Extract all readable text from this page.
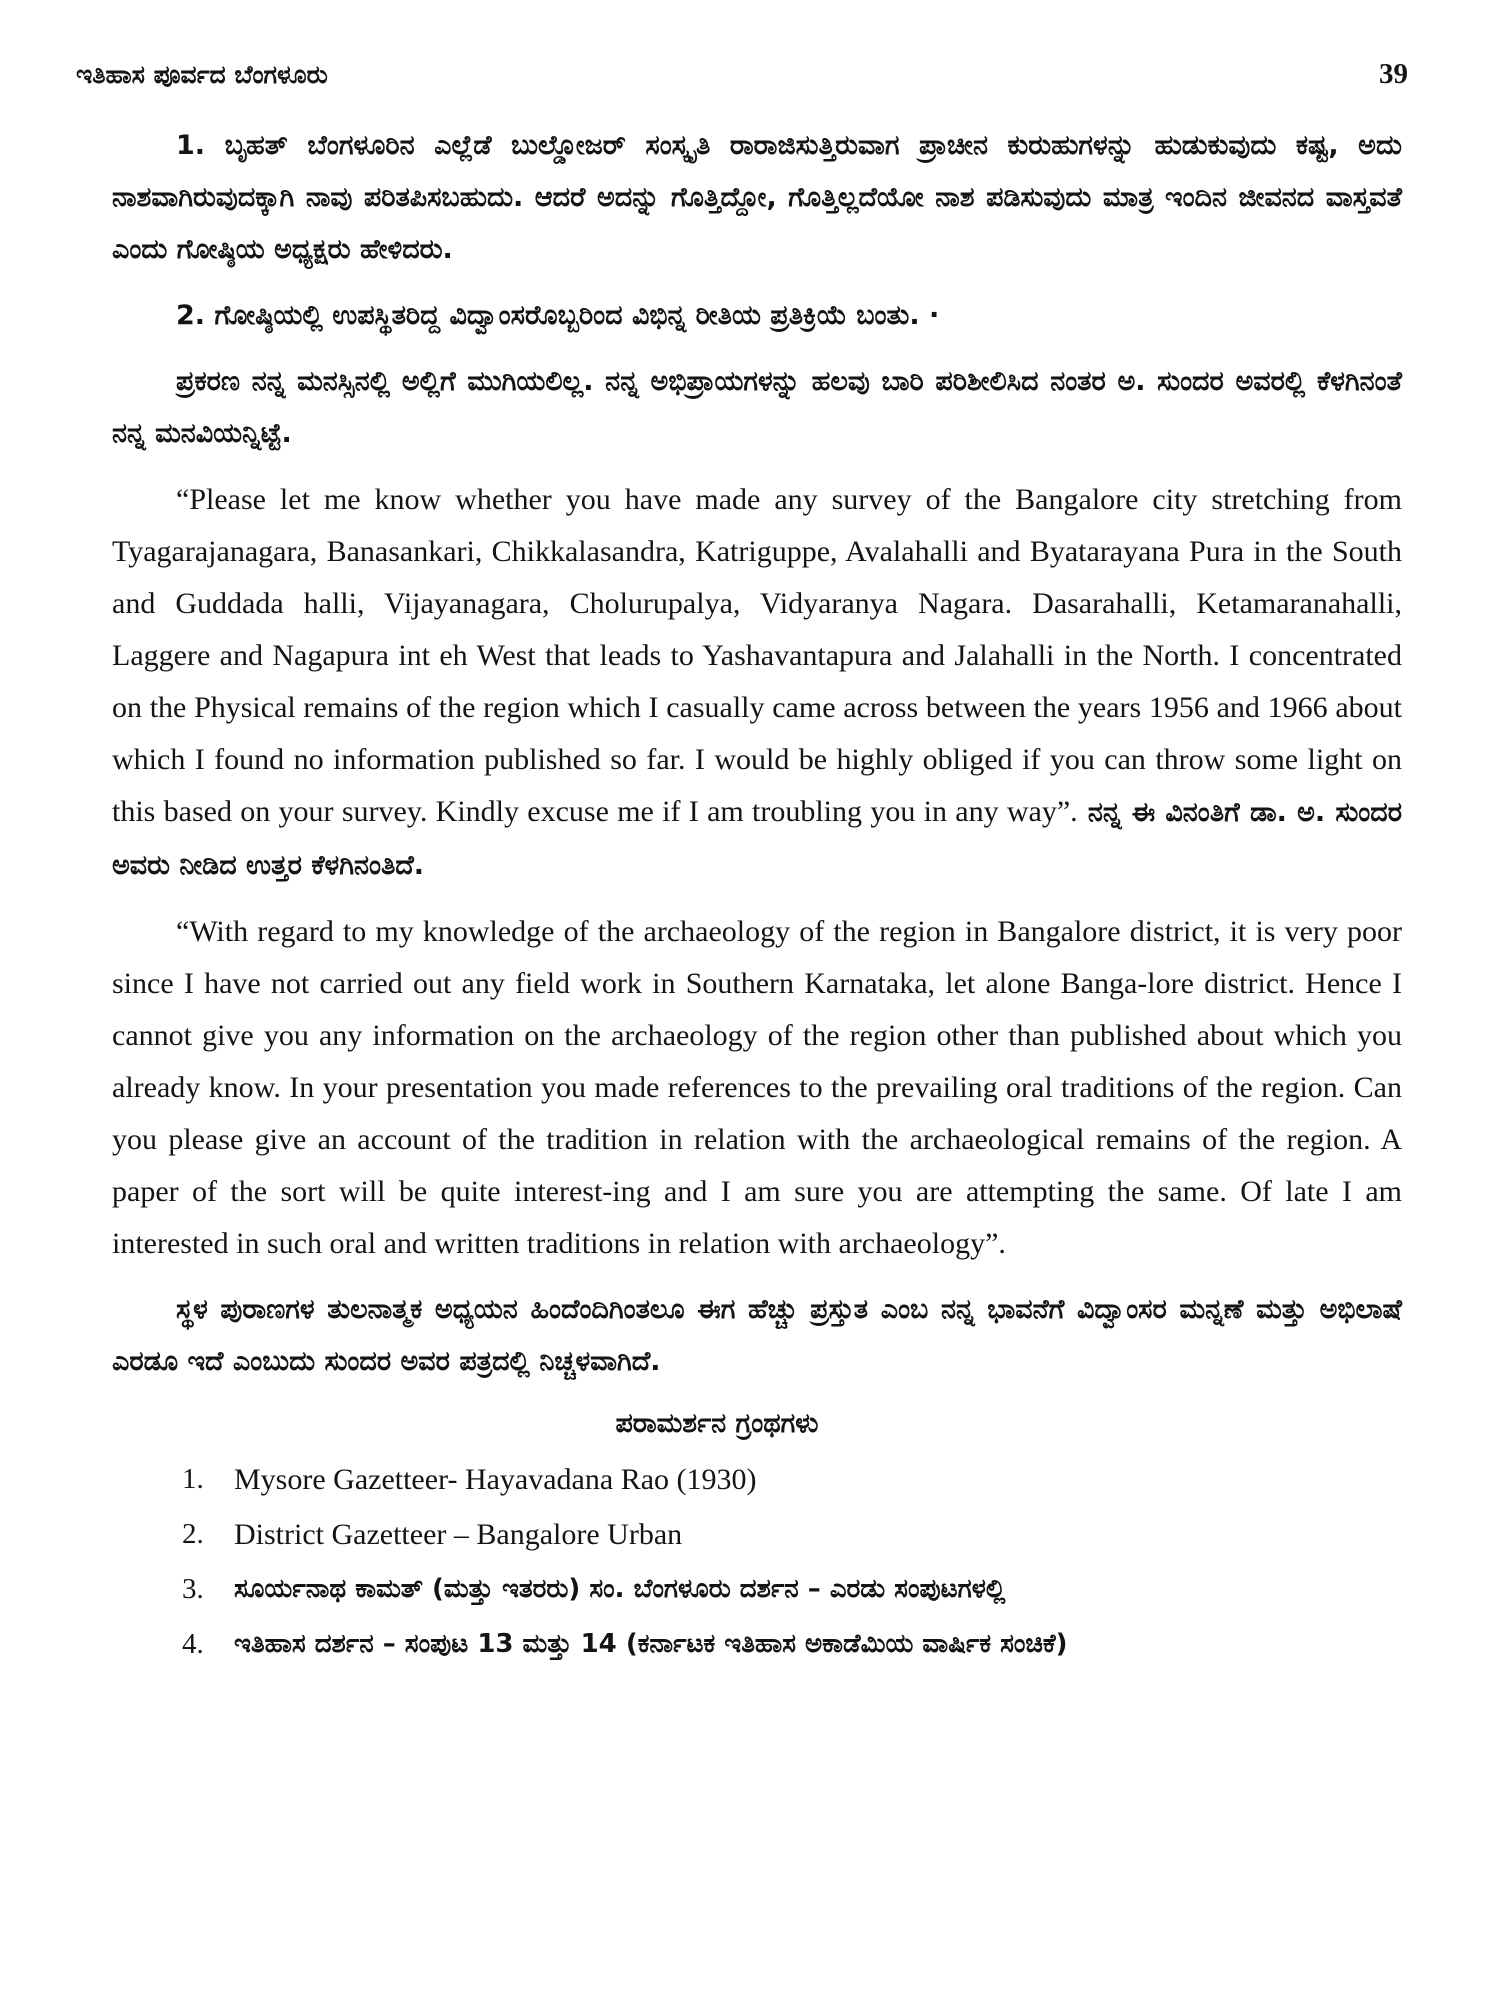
ಇತಿಹಾಸ ಪೂರ್ವದ ಬೆಂಗಳೂರು	39

1. ಬೃಹತ್ ಬೆಂಗಳೂರಿನ ಎಲ್ಲೆಡೆ ಬುಲ್ಡೋಜರ್ ಸಂಸ್ಕೃತಿ ರಾರಾಜಿಸುತ್ತಿರುವಾಗ ಪ್ರಾಚೀನ ಕುರುಹುಗಳನ್ನು ಹುಡುಕುವುದು ಕಷ್ಟ, ಅದು ನಾಶವಾಗಿರುವುದಕ್ಕಾಗಿ ನಾವು ಪರಿತಪಿಸಬಹುದು. ಆದರೆ ಅದನ್ನು ಗೊತ್ತಿದ್ದೋ, ಗೊತ್ತಿಲ್ಲದೆಯೋ ನಾಶ ಪಡಿಸುವುದು ಮಾತ್ರ ಇಂದಿನ ಜೀವನದ ವಾಸ್ತವತೆ ಎಂದು ಗೋಷ್ಠಿಯ ಅಧ್ಯಕ್ಷರು ಹೇಳಿದರು.

2. ಗೋಷ್ಠಿಯಲ್ಲಿ ಉಪಸ್ಥಿತರಿದ್ದ ವಿದ್ವಾಂಸರೊಬ್ಬರಿಂದ ವಿಭಿನ್ನ ರೀತಿಯ ಪ್ರತಿಕ್ರಿಯೆ ಬಂತು. ·

ಪ್ರಕರಣ ನನ್ನ ಮನಸ್ಸಿನಲ್ಲಿ ಅಲ್ಲಿಗೆ ಮುಗಿಯಲಿಲ್ಲ. ನನ್ನ ಅಭಿಪ್ರಾಯಗಳನ್ನು ಹಲವು ಬಾರಿ ಪರಿಶೀಲಿಸಿದ ನಂತರ ಅ. ಸುಂದರ ಅವರಲ್ಲಿ ಕೆಳಗಿನಂತೆ ನನ್ನ ಮನವಿಯನ್ನಿಟ್ಟೆ.

“Please let me know whether you have made any survey of the Bangalore city stretching from Tyagarajanagara, Banasankari, Chikkalasandra, Katriguppe, Avalahalli and Byatarayana Pura in the South and Guddada halli, Vijayanagara, Cholurupalya, Vidyaranya Nagara. Dasarahalli, Ketamaranahalli, Laggere and Nagapura int eh West that leads to Yashavantapura and Jalahalli in the North. I concentrated on the Physical remains of the region which I casually came across between the years 1956 and 1966 about which I found no information published so far. I would be highly obliged if you can throw some light on this based on your survey. Kindly excuse me if I am troubling you in any way”. ನನ್ನ ಈ ವಿನಂತಿಗೆ ಡಾ. ಅ. ಸುಂದರ ಅವರು ನೀಡಿದ ಉತ್ತರ ಕೆಳಗಿನಂತಿದೆ.

“With regard to my knowledge of the archaeology of the region in Bangalore district, it is very poor since I have not carried out any field work in Southern Karnataka, let alone Banga-lore district. Hence I cannot give you any information on the archaeology of the region other than published about which you already know. In your presentation you made references to the prevailing oral traditions of the region. Can you please give an account of the tradition in relation with the archaeological remains of the region. A paper of the sort will be quite interest-ing and I am sure you are attempting the same. Of late I am interested in such oral and written traditions in relation with archaeology”.

ಸ್ಥಳ ಪುರಾಣಗಳ ತುಲನಾತ್ಮಕ ಅಧ್ಯಯನ ಹಿಂದೆಂದಿಗಿಂತಲೂ ಈಗ ಹೆಚ್ಚು ಪ್ರಸ್ತುತ ಎಂಬ ನನ್ನ ಭಾವನೆಗೆ ವಿದ್ವಾಂಸರ ಮನ್ನಣೆ ಮತ್ತು ಅಭಿಲಾಷೆ ಎರಡೂ ಇದೆ ಎಂಬುದು ಸುಂದರ ಅವರ ಪತ್ರದಲ್ಲಿ ನಿಚ್ಚಳವಾಗಿದೆ.

ಪರಾಮರ್ಶನ ಗ್ರಂಥಗಳು
1.	Mysore Gazetteer- Hayavadana Rao (1930)
2.	District Gazetteer – Bangalore Urban
3.	ಸೂರ್ಯನಾಥ ಕಾಮತ್ (ಮತ್ತು ಇತರರು) ಸಂ. ಬೆಂಗಳೂರು ದರ್ಶನ – ಎರಡು ಸಂಪುಟಗಳಲ್ಲಿ
4.	ಇತಿಹಾಸ ದರ್ಶನ – ಸಂಪುಟ 13 ಮತ್ತು 14 (ಕರ್ನಾಟಕ ಇತಿಹಾಸ ಅಕಾಡೆಮಿಯ ವಾರ್ಷಿಕ ಸಂಚಿಕೆ)
